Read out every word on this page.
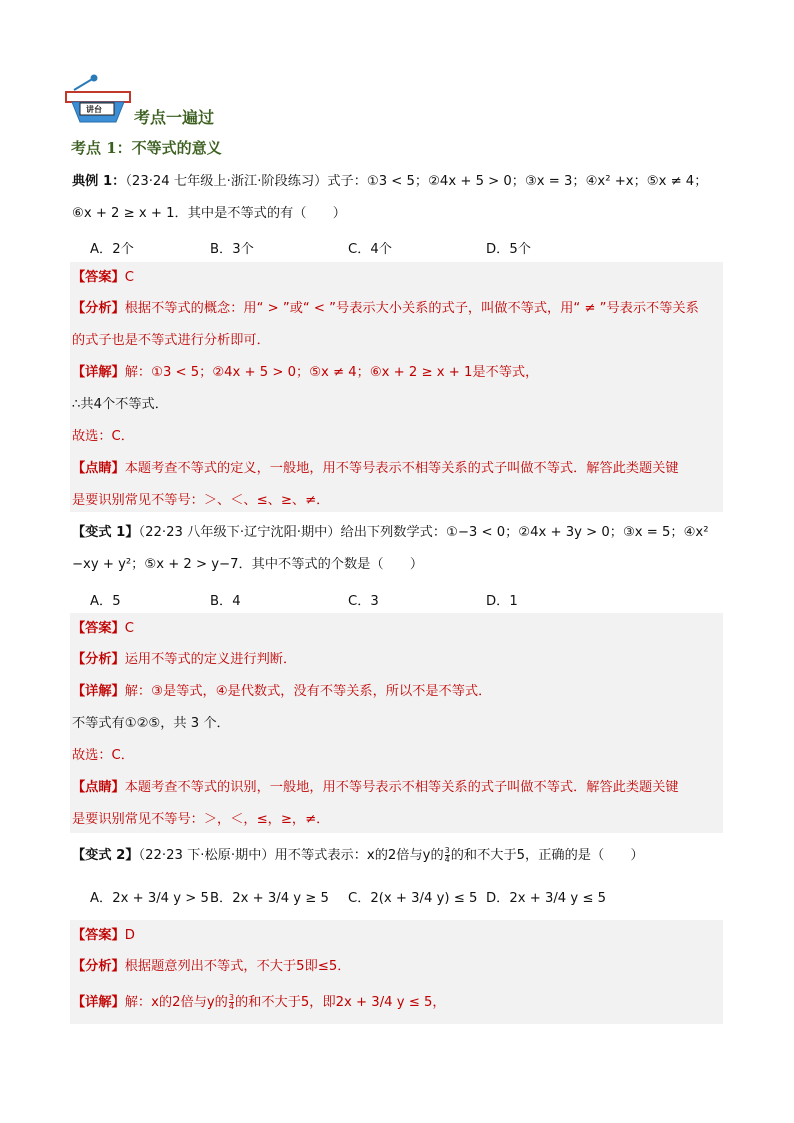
讲台 考点一遍过
考点 1：不等式的意义
典例 1：（23·24 七年级上·浙江·阶段练习）式子：①3 < 5；②4x + 5 > 0；③x = 3；④x² +x；⑤x ≠ 4；
⑥x + 2 ≥ x + 1．其中是不等式的有（　　）
A．2个	B．3个	C．4个	D．5个
【答案】C
【分析】根据不等式的概念：用“ > ”或“ < ”号表示大小关系的式子，叫做不等式，用“ ≠ ”号表示不等关系
的式子也是不等式进行分析即可．
【详解】解：①3 < 5；②4x + 5 > 0；⑤x ≠ 4；⑥x + 2 ≥ x + 1是不等式，
∴共4个不等式．
故选：C．
【点睛】本题考查不等式的定义，一般地，用不等号表示不相等关系的式子叫做不等式．解答此类题关键
是要识别常见不等号：＞、＜、≤、≥、≠．
【变式 1】（22·23 八年级下·辽宁沈阳·期中）给出下列数学式：①−3 < 0；②4x + 3y > 0；③x = 5；④x²
−xy + y²；⑤x + 2 > y−7．其中不等式的个数是（　　）
A．5	B．4	C．3	D．1
【答案】C
【分析】运用不等式的定义进行判断．
【详解】解：③是等式，④是代数式，没有不等关系，所以不是不等式．
不等式有①②⑤，共 3 个．
故选：C．
【点睛】本题考查不等式的识别，一般地，用不等号表示不相等关系的式子叫做不等式．解答此类题关键
是要识别常见不等号：＞，＜，≤，≥，≠．
【变式 2】（22·23 下·松原·期中）用不等式表示：x的2倍与y的 $\frac{3}{4}$ 的和不大于5，正确的是（　　）
A．2x + 3/4 y > 5 B．2x + 3/4 y ≥ 5 C．2(x + 3/4 y) ≤ 5 D．2x + 3/4 y ≤ 5
【答案】D
【分析】根据题意列出不等式，不大于5即≤5．
【详解】解：x的2倍与y的 $\frac{3}{4}$ 的和不大于5，即2x + 3/4 y ≤ 5，
